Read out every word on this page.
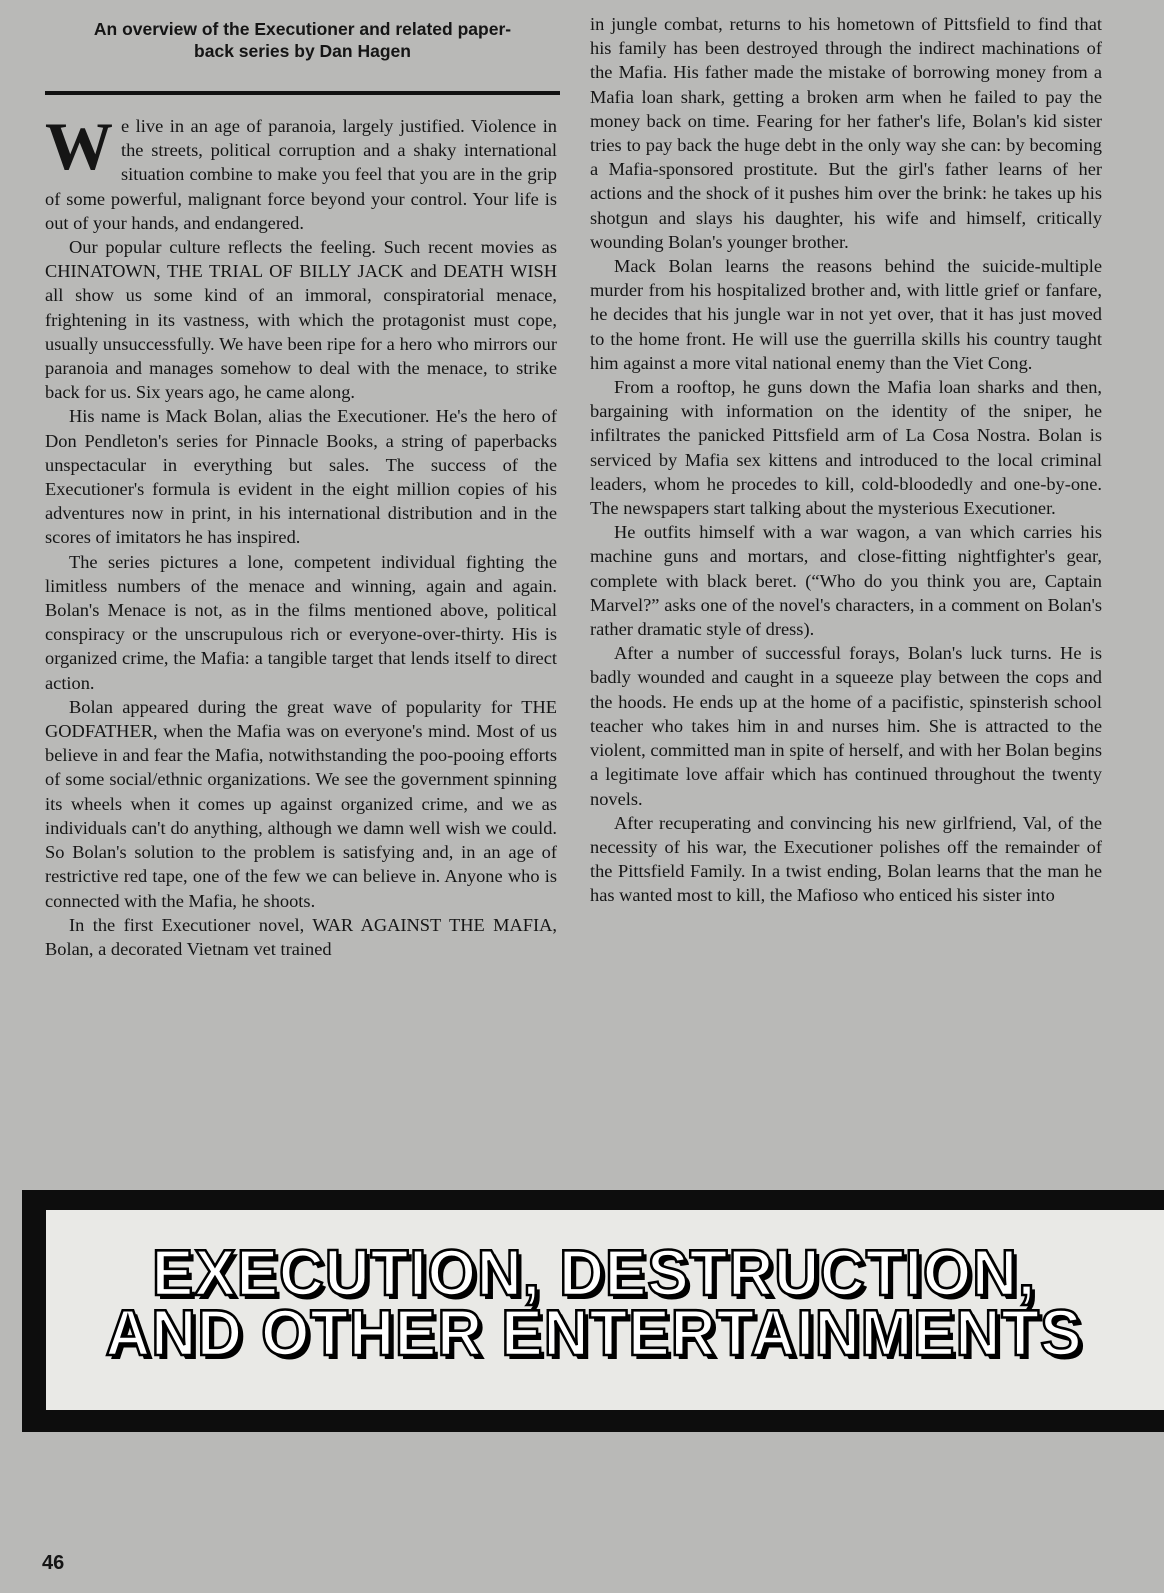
An overview of the Executioner and related paper-
back series by Dan Hagen

We live in an age of paranoia, largely justified. Violence in the streets, political corruption and a shaky international situation combine to make you feel that you are in the grip of some powerful, malignant force beyond your control. Your life is out of your hands, and endangered.

Our popular culture reflects the feeling. Such recent movies as CHINATOWN, THE TRIAL OF BILLY JACK and DEATH WISH all show us some kind of an immoral, conspiratorial menace, frightening in its vastness, with which the protagonist must cope, usually unsuccessfully. We have been ripe for a hero who mirrors our paranoia and manages somehow to deal with the menace, to strike back for us. Six years ago, he came along.

His name is Mack Bolan, alias the Executioner. He's the hero of Don Pendleton's series for Pinnacle Books, a string of paperbacks unspectacular in everything but sales. The success of the Executioner's formula is evident in the eight million copies of his adventures now in print, in his international distribution and in the scores of imitators he has inspired.

The series pictures a lone, competent individual fighting the limitless numbers of the menace and winning, again and again. Bolan's Menace is not, as in the films mentioned above, political conspiracy or the unscrupulous rich or everyone-over-thirty. His is organized crime, the Mafia: a tangible target that lends itself to direct action.

Bolan appeared during the great wave of popularity for THE GODFATHER, when the Mafia was on everyone's mind. Most of us believe in and fear the Mafia, notwithstanding the poo-pooing efforts of some social/ethnic organizations. We see the government spinning its wheels when it comes up against organized crime, and we as individuals can't do anything, although we damn well wish we could. So Bolan's solution to the problem is satisfying and, in an age of restrictive red tape, one of the few we can believe in. Anyone who is connected with the Mafia, he shoots.

In the first Executioner novel, WAR AGAINST THE MAFIA, Bolan, a decorated Vietnam vet trained

in jungle combat, returns to his hometown of Pittsfield to find that his family has been destroyed through the indirect machinations of the Mafia. His father made the mistake of borrowing money from a Mafia loan shark, getting a broken arm when he failed to pay the money back on time. Fearing for her father's life, Bolan's kid sister tries to pay back the huge debt in the only way she can: by becoming a Mafia-sponsored prostitute. But the girl's father learns of her actions and the shock of it pushes him over the brink: he takes up his shotgun and slays his daughter, his wife and himself, critically wounding Bolan's younger brother.

Mack Bolan learns the reasons behind the suicide-multiple murder from his hospitalized brother and, with little grief or fanfare, he decides that his jungle war in not yet over, that it has just moved to the home front. He will use the guerrilla skills his country taught him against a more vital national enemy than the Viet Cong.

From a rooftop, he guns down the Mafia loan sharks and then, bargaining with information on the identity of the sniper, he infiltrates the panicked Pittsfield arm of La Cosa Nostra. Bolan is serviced by Mafia sex kittens and introduced to the local criminal leaders, whom he procedes to kill, cold-bloodedly and one-by-one. The newspapers start talking about the mysterious Executioner.

He outfits himself with a war wagon, a van which carries his machine guns and mortars, and close-fitting nightfighter's gear, complete with black beret. (“Who do you think you are, Captain Marvel?” asks one of the novel's characters, in a comment on Bolan's rather dramatic style of dress).

After a number of successful forays, Bolan's luck turns. He is badly wounded and caught in a squeeze play between the cops and the hoods. He ends up at the home of a pacifistic, spinsterish school teacher who takes him in and nurses him. She is attracted to the violent, committed man in spite of herself, and with her Bolan begins a legitimate love affair which has continued throughout the twenty novels.

After recuperating and convincing his new girlfriend, Val, of the necessity of his war, the Executioner polishes off the remainder of the Pittsfield Family. In a twist ending, Bolan learns that the man he has wanted most to kill, the Mafioso who enticed his sister into

EXECUTION, DESTRUCTION,
AND OTHER ENTERTAINMENTS
46
